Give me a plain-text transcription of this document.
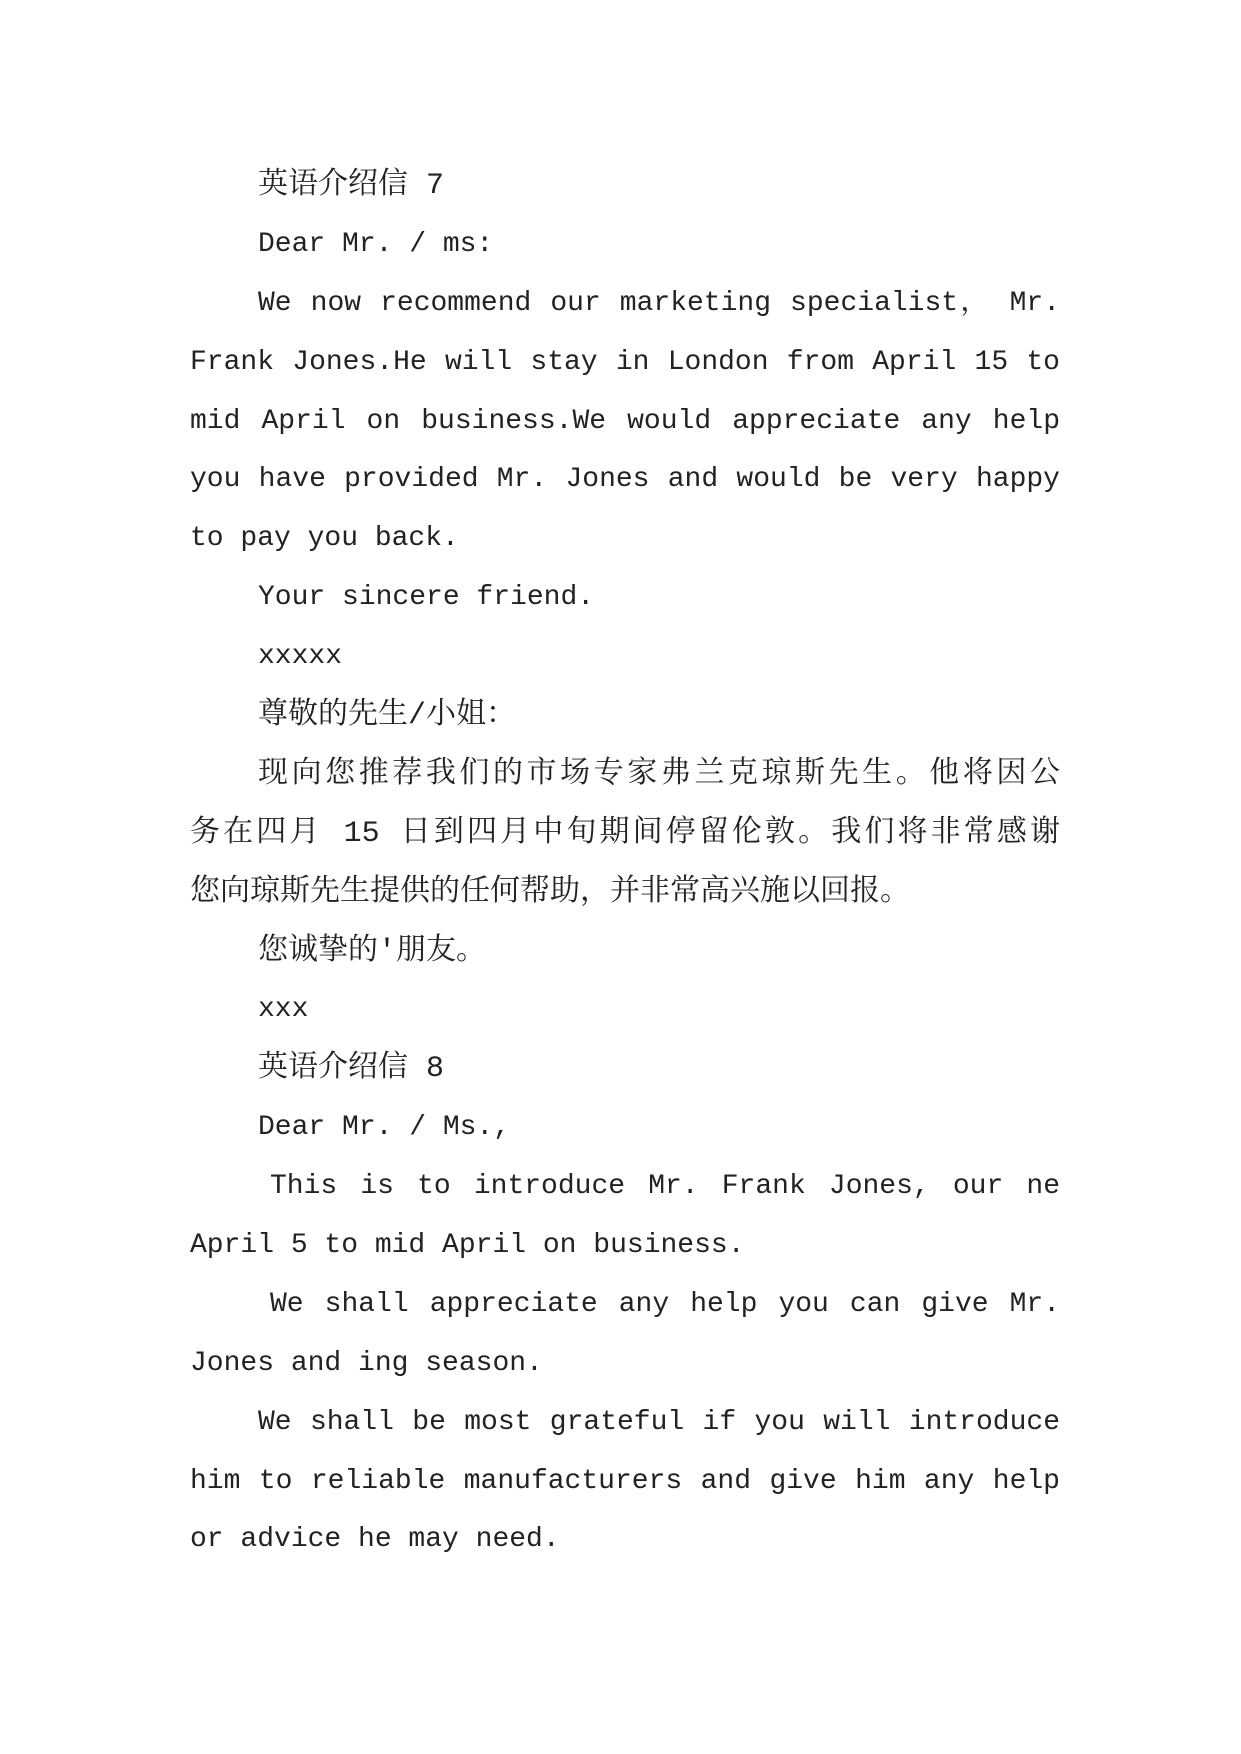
英语介绍信 7
Dear Mr. / ms:
We now recommend our marketing specialist， Mr.
Frank Jones.He will stay in London from April 15 to
mid April on business.We would appreciate any help
you have provided Mr. Jones and would be very happy
to pay you back.
Your sincere friend.
xxxxx
尊敬的先生/小姐：
现向您推荐我们的市场专家弗兰克琼斯先生。他将因公
务在四月 15 日到四月中旬期间停留伦敦。我们将非常感谢
您向琼斯先生提供的任何帮助，并非常高兴施以回报。
您诚挚的'朋友。
xxx
英语介绍信 8
Dear Mr. / Ms.,
This is to introduce Mr. Frank Jones, our ne
April 5 to mid April on business.
We shall appreciate any help you can give Mr.
Jones and ing season.
We shall be most grateful if you will introduce
him to reliable manufacturers and give him any help
or advice he may need.
